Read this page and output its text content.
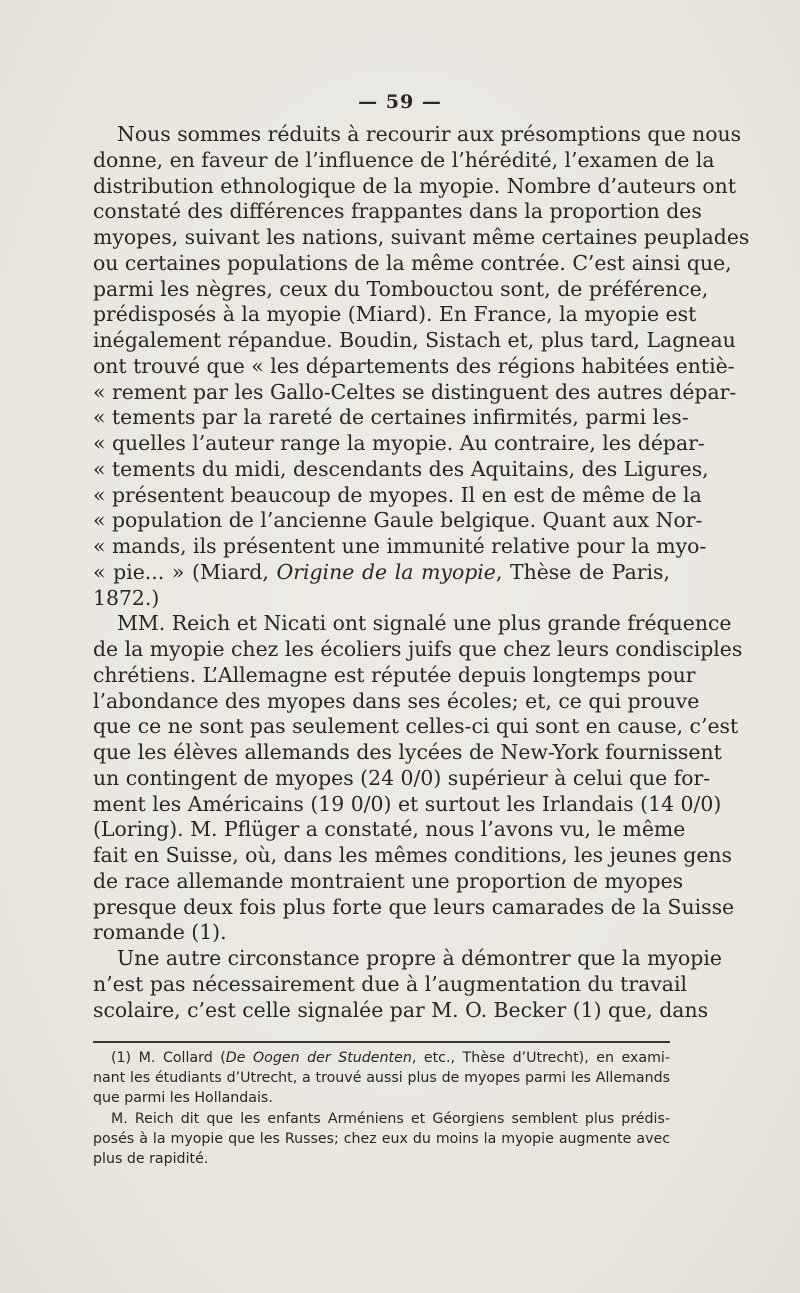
— 59 —
Nous sommes réduits à recourir aux présomptions que nous
donne, en faveur de l’influence de l’hérédité, l’examen de la
distribution ethnologique de la myopie. Nombre d’auteurs ont
constaté des différences frappantes dans la proportion des
myopes, suivant les nations, suivant même certaines peuplades
ou certaines populations de la même contrée. C’est ainsi que,
parmi les nègres, ceux du Tombouctou sont, de préférence,
prédisposés à la myopie (Miard). En France, la myopie est
inégalement répandue. Boudin, Sistach et, plus tard, Lagneau
ont trouvé que « les départements des régions habitées entiè-
« rement par les Gallo-Celtes se distinguent des autres dépar-
« tements par la rareté de certaines infirmités, parmi les-
« quelles l’auteur range la myopie. Au contraire, les dépar-
« tements du midi, descendants des Aquitains, des Ligures,
« présentent beaucoup de myopes. Il en est de même de la
« population de l’ancienne Gaule belgique. Quant aux Nor-
« mands, ils présentent une immunité relative pour la myo-
« pie... » (Miard, Origine de la myopie, Thèse de Paris,
1872.)
MM. Reich et Nicati ont signalé une plus grande fréquence
de la myopie chez les écoliers juifs que chez leurs condisciples
chrétiens. L’Allemagne est réputée depuis longtemps pour
l’abondance des myopes dans ses écoles; et, ce qui prouve
que ce ne sont pas seulement celles-ci qui sont en cause, c’est
que les élèves allemands des lycées de New-York fournissent
un contingent de myopes (24 0/0) supérieur à celui que for-
ment les Américains (19 0/0) et surtout les Irlandais (14 0/0)
(Loring). M. Pflüger a constaté, nous l’avons vu, le même
fait en Suisse, où, dans les mêmes conditions, les jeunes gens
de race allemande montraient une proportion de myopes
presque deux fois plus forte que leurs camarades de la Suisse
romande (1).
Une autre circonstance propre à démontrer que la myopie
n’est pas nécessairement due à l’augmentation du travail
scolaire, c’est celle signalée par M. O. Becker (1) que, dans
(1) M. Collard (De Oogen der Studenten, etc., Thèse d’Utrecht), en exami-
nant les étudiants d’Utrecht, a trouvé aussi plus de myopes parmi les Allemands
que parmi les Hollandais.
M. Reich dit que les enfants Arméniens et Géorgiens semblent plus prédis-
posés à la myopie que les Russes; chez eux du moins la myopie augmente avec
plus de rapidité.
